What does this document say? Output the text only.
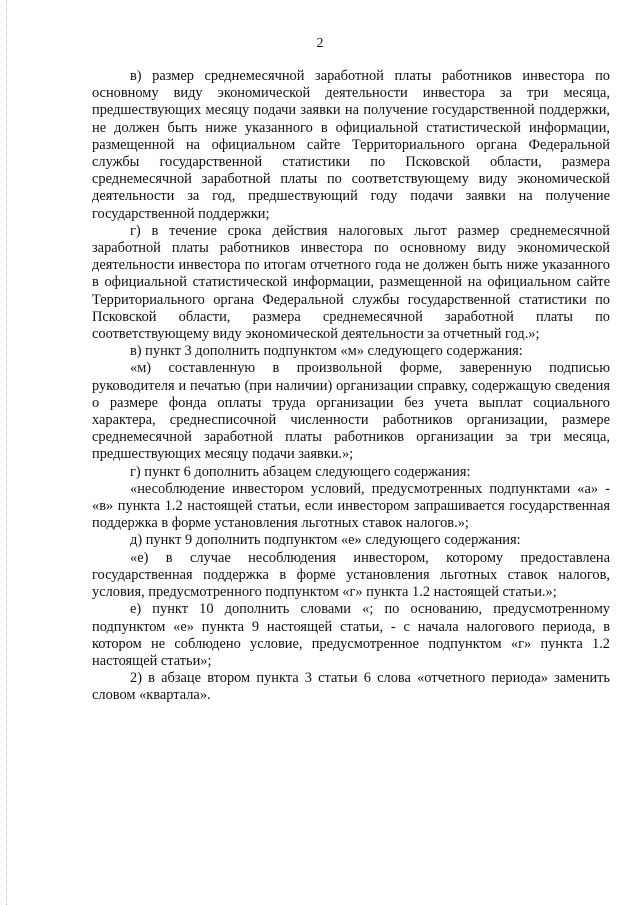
2

в) размер среднемесячной заработной платы работников инвестора по основному виду экономической деятельности инвестора за три месяца, предшествующих месяцу подачи заявки на получение государственной поддержки, не должен быть ниже указанного в официальной статистической информации, размещенной на официальном сайте Территориального органа Федеральной службы государственной статистики по Псковской области, размера среднемесячной заработной платы по соответствующему виду экономической деятельности за год, предшествующий году подачи заявки на получение государственной поддержки;

г) в течение срока действия налоговых льгот размер среднемесячной заработной платы работников инвестора по основному виду экономической деятельности инвестора по итогам отчетного года не должен быть ниже указанного в официальной статистической информации, размещенной на официальном сайте Территориального органа Федеральной службы государственной статистики по Псковской области, размера среднемесячной заработной платы по соответствующему виду экономической деятельности за отчетный год.»;

в) пункт 3 дополнить подпунктом «м» следующего содержания:

«м) составленную в произвольной форме, заверенную подписью руководителя и печатью (при наличии) организации справку, содержащую сведения о размере фонда оплаты труда организации без учета выплат социального характера, среднесписочной численности работников организации, размере среднемесячной заработной платы работников организации за три месяца, предшествующих месяцу подачи заявки.»;

г) пункт 6 дополнить абзацем следующего содержания:

«несоблюдение инвестором условий, предусмотренных подпунктами «а» - «в» пункта 1.2 настоящей статьи, если инвестором запрашивается государственная поддержка в форме установления льготных ставок налогов.»;

д) пункт 9 дополнить подпунктом «е» следующего содержания:

«е) в случае несоблюдения инвестором, которому предоставлена государственная поддержка в форме установления льготных ставок налогов, условия, предусмотренного подпунктом «г» пункта 1.2 настоящей статьи.»;

е) пункт 10 дополнить словами «; по основанию, предусмотренному подпунктом «е» пункта 9 настоящей статьи, - с начала налогового периода, в котором не соблюдено условие, предусмотренное подпунктом «г» пункта 1.2 настоящей статьи»;

2) в абзаце втором пункта 3 статьи 6 слова «отчетного периода» заменить словом «квартала».
